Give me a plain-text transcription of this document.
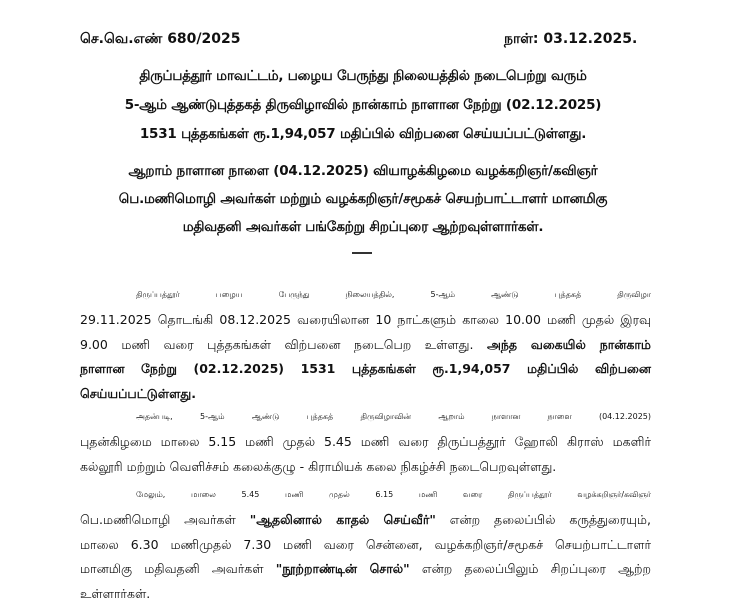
செ.வெ.எண் 680/2025	நாள்: 03.12.2025.
திருப்பத்தூர் மாவட்டம், பழைய பேருந்து நிலையத்தில் நடைபெற்று வரும்
5-ஆம் ஆண்டுபுத்தகத் திருவிழாவில் நான்காம் நாளான நேற்று (02.12.2025)
1531 புத்தகங்கள் ரூ.1,94,057 மதிப்பில் விற்பனை செய்யப்பட்டுள்ளது.
ஆறாம் நாளான நாளை (04.12.2025) வியாழக்கிழமை வழக்கறிஞர்/கவிஞர்
பெ.மணிமொழி அவர்கள் மற்றும் வழக்கறிஞர்/சமூகச் செயற்பாட்டாளர் மானமிகு
மதிவதனி அவர்கள் பங்கேற்று சிறப்புரை ஆற்றவுள்ளார்கள்.
திருப்பத்தூர் பழைய பேருந்து நிலையத்தில், 5-ஆம் ஆண்டு புத்தகத் திருவிழா
29.11.2025 தொடங்கி 08.12.2025 வரையிலான 10 நாட்களும் காலை 10.00 மணி முதல் இரவு
9.00 மணி வரை புத்தகங்கள் விற்பனை நடைபெற உள்ளது. அந்த வகையில் நான்காம்
நாளான நேற்று (02.12.2025) 1531 புத்தகங்கள் ரூ.1,94,057 மதிப்பில் விற்பனை
செய்யப்பட்டுள்ளது.
அதன்படி, 5-ஆம் ஆண்டு புத்தகத் திருவிழாவின் ஆறாம் நாளான நாளை (04.12.2025)
புதன்கிழமை மாலை 5.15 மணி முதல் 5.45 மணி வரை திருப்பத்தூர் ஹோலி கிராஸ் மகளிர்
கல்லூரி மற்றும் வெளிச்சம் கலைக்குழு - கிராமியக் கலை நிகழ்ச்சி நடைபெறவுள்ளது.
மேலும், மாலை 5.45 மணி முதல் 6.15 மணி வரை திருப்பத்தூர் வழக்கறிஞர்/கவிஞர்
பெ.மணிமொழி அவர்கள் "ஆதலினால் காதல் செய்வீர்" என்ற தலைப்பில் கருத்துரையும்,
மாலை 6.30 மணிமுதல் 7.30 மணி வரை சென்னை, வழக்கறிஞர்/சமூகச் செயற்பாட்டாளர்
மானமிகு மதிவதனி அவர்கள் "நூற்றாண்டின் சொல்" என்ற தலைப்பிலும் சிறப்புரை ஆற்ற
உள்ளார்கள்.
